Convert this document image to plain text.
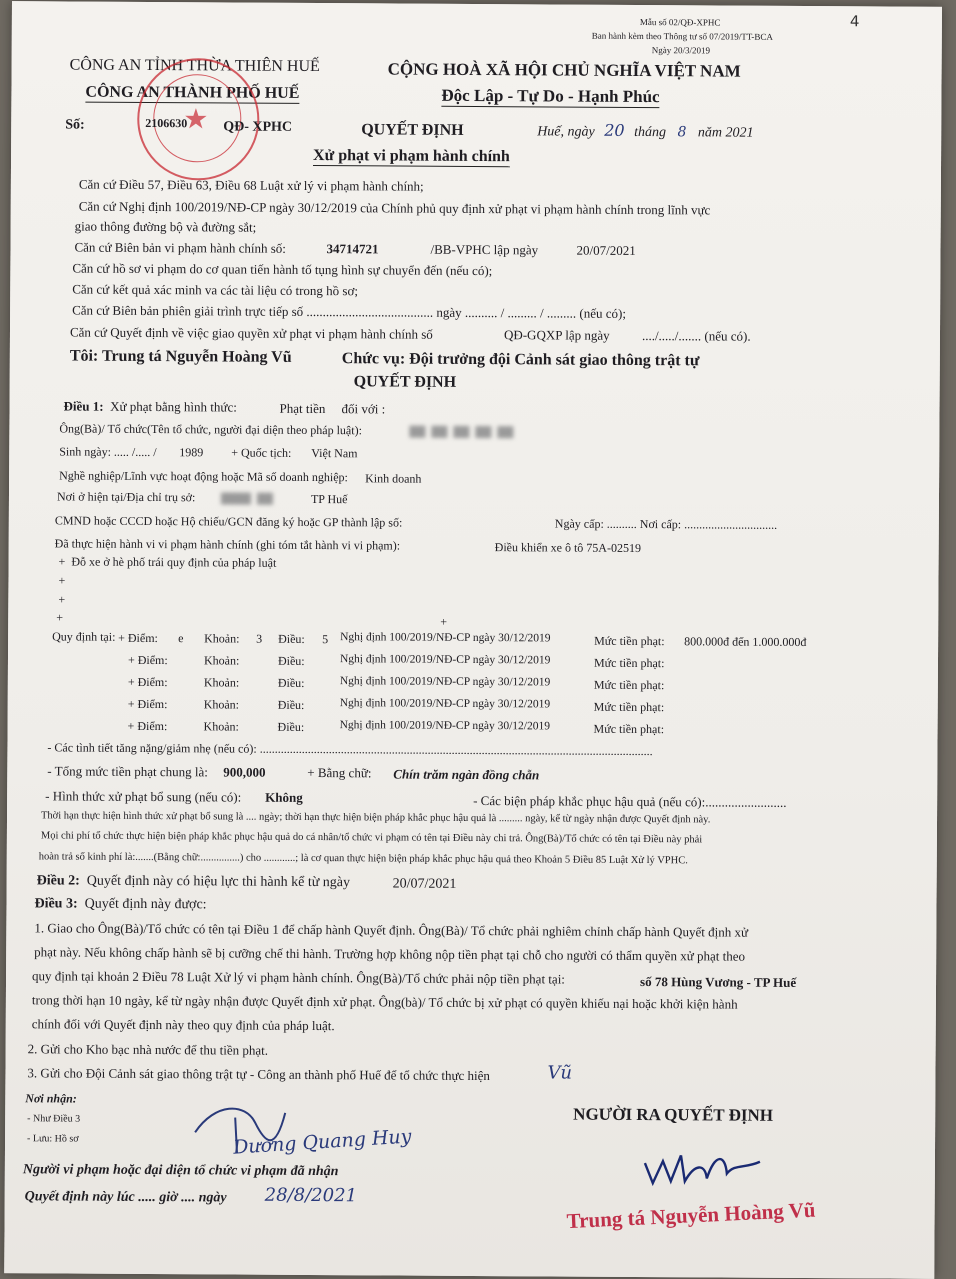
Mẫu số 02/QĐ-XPHC	4
Ban hành kèm theo Thông tư số 07/2019/TT-BCA
Ngày 20/3/2019
CÔNG AN TỈNH THỪA THIÊN HUẾ
CÔNG AN THÀNH PHỐ HUẾ
CỘNG HOÀ XÃ HỘI CHỦ NGHĨA VIỆT NAM
Độc Lập - Tự Do - Hạnh Phúc
★
Số:	2106630	QĐ- XPHC	QUYẾT ĐỊNH	Huế, ngày 20 tháng 8 năm 2021
Xử phạt vi phạm hành chính
Căn cứ Điều 57, Điều 63, Điều 68 Luật xử lý vi phạm hành chính;
Căn cứ Nghị định 100/2019/NĐ-CP ngày 30/12/2019 của Chính phủ quy định xử phạt vi phạm hành chính trong lĩnh vực
giao thông đường bộ và đường sắt;
Căn cứ Biên bản vi phạm hành chính số:	34714721	/BB-VPHC lập ngày	20/07/2021
Căn cứ hồ sơ vi phạm do cơ quan tiến hành tố tụng hình sự chuyển đến (nếu có);
Căn cứ kết quả xác minh va các tài liệu có trong hồ sơ;
Căn cứ Biên bản phiên giải trình trực tiếp số ....................................... ngày .......... / ......... / ......... (nếu có);
Căn cứ Quyết định về việc giao quyền xử phạt vi phạm hành chính số	QĐ-GQXP lập ngày ..../...../....... (nếu có).
Tôi: Trung tá Nguyễn Hoàng Vũ	Chức vụ: Đội trưởng đội Cảnh sát giao thông trật tự
QUYẾT ĐỊNH
Điều 1: Xử phạt bằng hình thức:	Phạt tiền đối với :
Ông(Bà)/ Tổ chức(Tên tổ chức, người đại diện theo pháp luật):
Sinh ngày: ..... /..... / 1989 + Quốc tịch: Việt Nam
Nghề nghiệp/Lĩnh vực hoạt động hoặc Mã số doanh nghiệp: Kinh doanh
Nơi ở hiện tại/Địa chỉ trụ sở:	TP Huế
CMND hoặc CCCD hoặc Hộ chiếu/GCN đăng ký hoặc GP thành lập số:	Ngày cấp: .......... Nơi cấp: ...............................
Đã thực hiện hành vi vi phạm hành chính (ghi tóm tắt hành vi vi phạm):	Điều khiển xe ô tô 75A-02519
+ Đỗ xe ở hè phố trái quy định của pháp luật
+
+
+	+
Quy định tại:
- Các tình tiết tăng nặng/giảm nhẹ (nếu có): ...................................................................................................................................
- Tổng mức tiền phạt chung là: 900,000	+ Bằng chữ: Chín trăm ngàn đồng chẵn
- Hình thức xử phạt bổ sung (nếu có): Không	- Các biện pháp khắc phục hậu quả (nếu có):.........................
Thời hạn thực hiện hình thức xử phạt bổ sung là .... ngày; thời hạn thực hiện biện pháp khắc phục hậu quả là ......... ngày, kể từ ngày nhận được Quyết định này.
Mọi chi phí tổ chức thực hiện biện pháp khắc phục hậu quả do cá nhân/tổ chức vi phạm có tên tại Điều này chi trả. Ông(Bà)/Tổ chức có tên tại Điều này phải
hoàn trả số kinh phí là:.......(Bằng chữ:...............) cho ............; là cơ quan thực hiện biện pháp khắc phục hậu quả theo Khoản 5 Điều 85 Luật Xử lý VPHC.
Điều 2: Quyết định này có hiệu lực thi hành kể từ ngày	20/07/2021
Điều 3: Quyết định này được:
1. Giao cho Ông(Bà)/Tổ chức có tên tại Điều 1 để chấp hành Quyết định. Ông(Bà)/ Tổ chức phải nghiêm chỉnh chấp hành Quyết định xử
phạt này. Nếu không chấp hành sẽ bị cưỡng chế thi hành. Trường hợp không nộp tiền phạt tại chỗ cho người có thẩm quyền xử phạt theo
quy định tại khoản 2 Điều 78 Luật Xử lý vi phạm hành chính. Ông(Bà)/Tổ chức phải nộp tiền phạt tại:	số 78 Hùng Vương - TP Huế
trong thời hạn 10 ngày, kể từ ngày nhận được Quyết định xử phạt. Ông(bà)/ Tổ chức bị xử phạt có quyền khiếu nại hoặc khởi kiện hành
chính đối với Quyết định này theo quy định của pháp luật.
2. Gửi cho Kho bạc nhà nước để thu tiền phạt.
3. Gửi cho Đội Cảnh sát giao thông trật tự - Công an thành phố Huế để tổ chức thực hiện	Vũ
Nơi nhận:
- Như Điều 3
- Lưu: Hồ sơ
NGƯỜI RA QUYẾT ĐỊNH
Dương Quang Huy
Người vi phạm hoặc đại diện tổ chức vi phạm đã nhận
Quyết định này lúc ..... giờ .... ngày 28/8/2021
Trung tá Nguyễn Hoàng Vũ
+ Điểm: e Khoản: 3 Điều: 5 Nghị định 100/2019/NĐ-CP ngày 30/12/2019	Mức tiền phạt: 800.000đ đến 1.000.000đ
+ Điểm:	Khoản:	Điều:	Nghị định 100/2019/NĐ-CP ngày 30/12/2019	Mức tiền phạt:
+ Điểm:	Khoản:	Điều:	Nghị định 100/2019/NĐ-CP ngày 30/12/2019	Mức tiền phạt:
+ Điểm:	Khoản:	Điều:	Nghị định 100/2019/NĐ-CP ngày 30/12/2019	Mức tiền phạt:
+ Điểm:	Khoản:	Điều:	Nghị định 100/2019/NĐ-CP ngày 30/12/2019	Mức tiền phạt:
